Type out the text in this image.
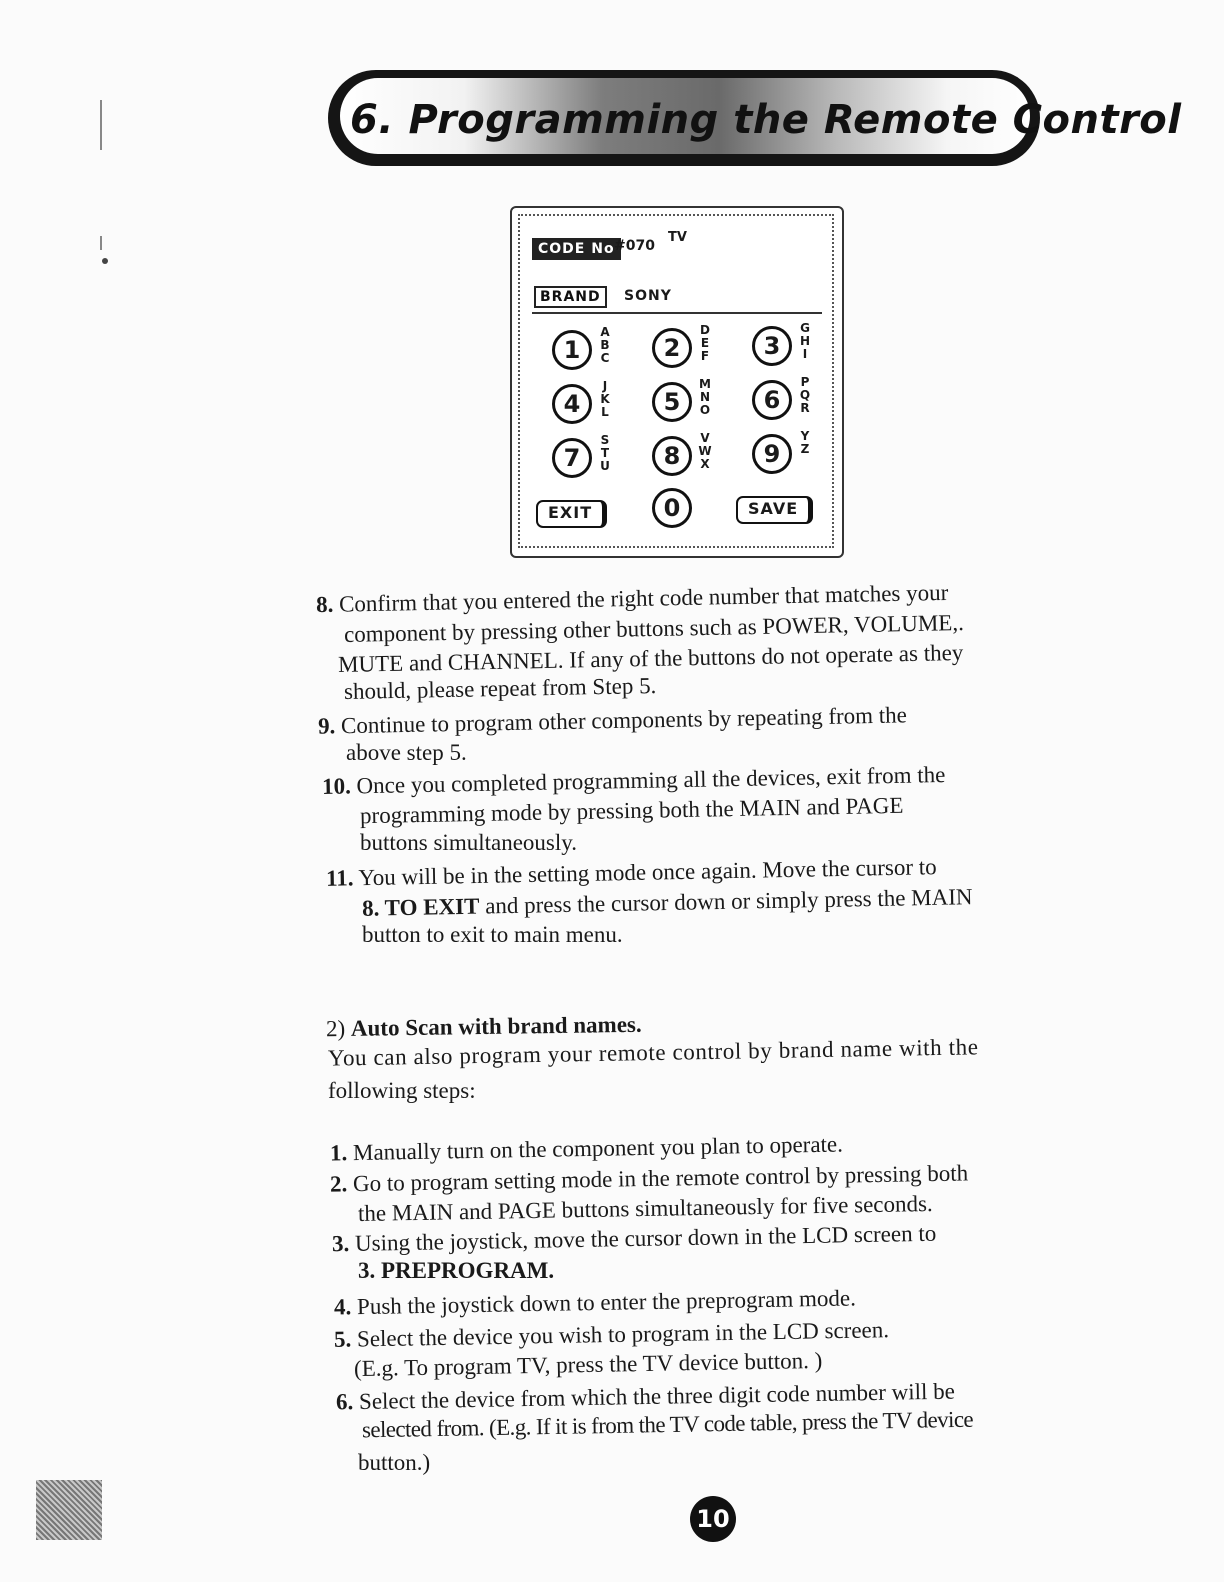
6. Programming the Remote Control
CODE No #070
TV
BRAND	SONY
1
A
B
C	2
D
E
F	3
G
H
I
4
J
K
L	5
M
N
O	6
P
Q
R
7
S
T
U	8
V
W
X	9
Y
Z
0
EXIT	SAVE
8. Confirm that you entered the right code number that matches your
component by pressing other buttons such as POWER, VOLUME,.
MUTE and CHANNEL. If any of the buttons do not operate as they
should, please repeat from Step 5.
9. Continue to program other components by repeating from the
above step 5.
10. Once you completed programming all the devices, exit from the
programming mode by pressing both the MAIN and PAGE
buttons simultaneously.
11. You will be in the setting mode once again. Move the cursor to
8. TO EXIT and press the cursor down or simply press the MAIN
button to exit to main menu.
2) Auto Scan with brand names.
You can also program your remote control by brand name with the
following steps:
1. Manually turn on the component you plan to operate.
2. Go to program setting mode in the remote control by pressing both
the MAIN and PAGE buttons simultaneously for five seconds.
3. Using the joystick, move the cursor down in the LCD screen to
3. PREPROGRAM.
4. Push the joystick down to enter the preprogram mode.
5. Select the device you wish to program in the LCD screen.
(E.g. To program TV, press the TV device button. )
6. Select the device from which the three digit code number will be
selected from. (E.g. If it is from the TV code table, press the TV device
button.)
10
